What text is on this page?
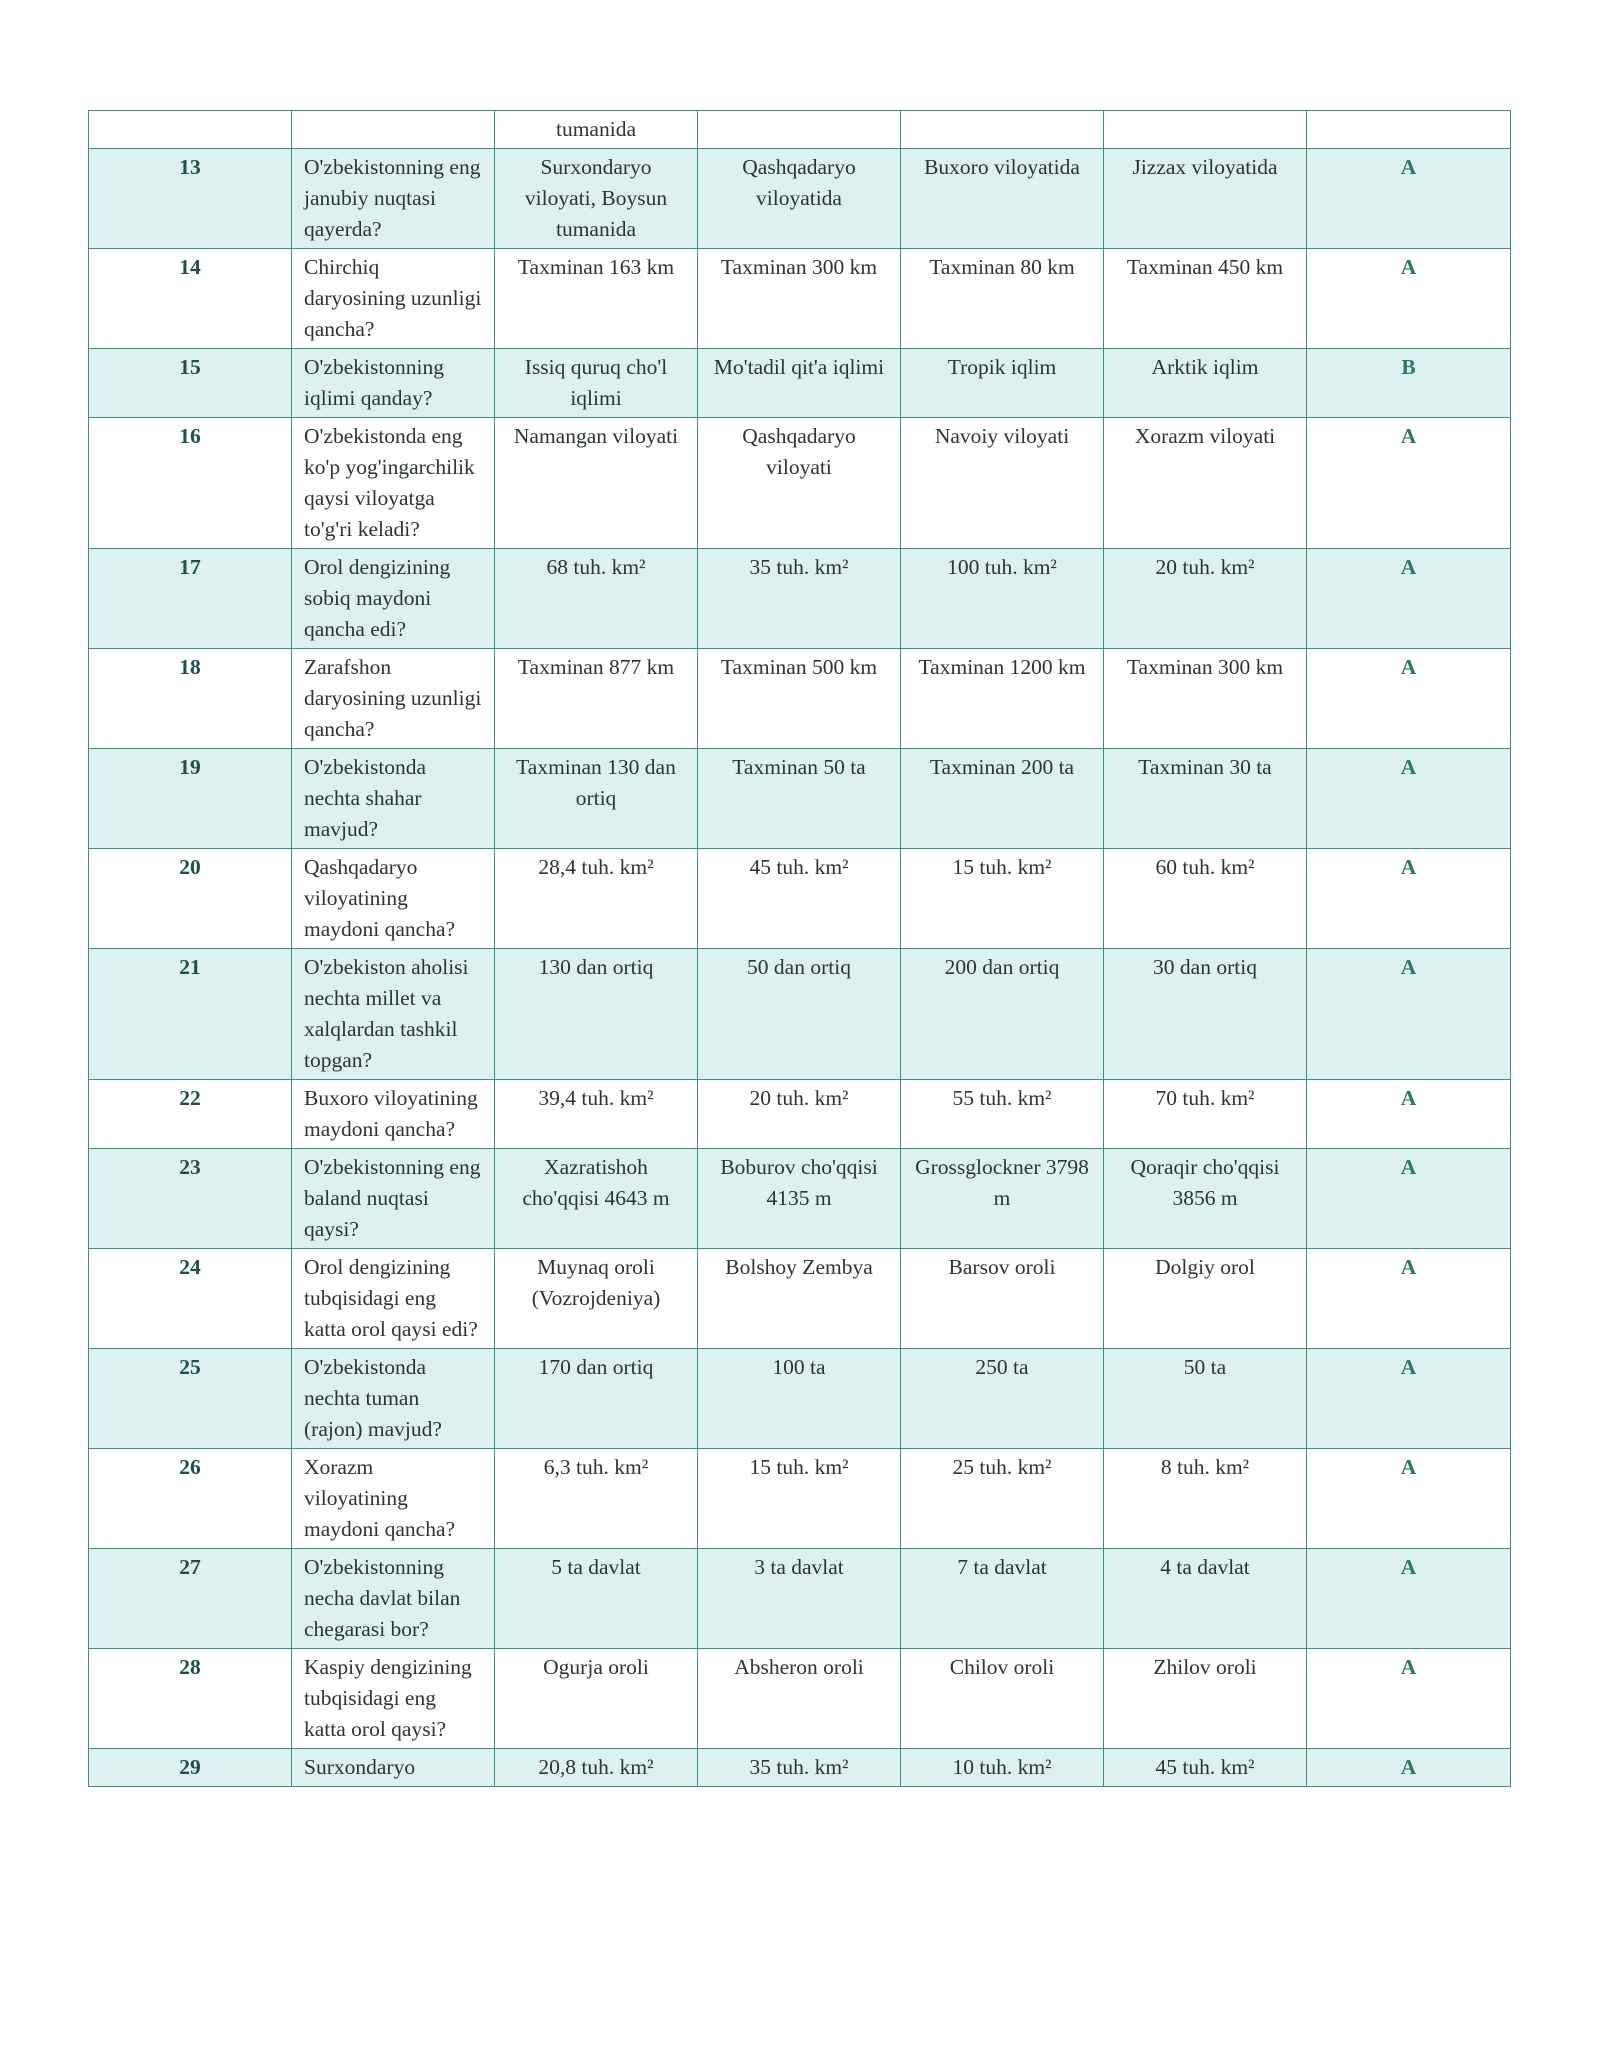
		tumanida				
13	O'zbekistonning eng janubiy nuqtasi qayerda?	Surxondaryo viloyati, Boysun tumanida	Qashqadaryo viloyatida	Buxoro viloyatida	Jizzax viloyatida	A
14	Chirchiq daryosining uzunligi qancha?	Taxminan 163 km	Taxminan 300 km	Taxminan 80 km	Taxminan 450 km	A
15	O'zbekistonning iqlimi qanday?	Issiq quruq cho'l iqlimi	Mo'tadil qit'a iqlimi	Tropik iqlim	Arktik iqlim	B
16	O'zbekistonda eng ko'p yog'ingarchilik qaysi viloyatga to'g'ri keladi?	Namangan viloyati	Qashqadaryo viloyati	Navoiy viloyati	Xorazm viloyati	A
17	Orol dengizining sobiq maydoni qancha edi?	68 tuh. km²	35 tuh. km²	100 tuh. km²	20 tuh. km²	A
18	Zarafshon daryosining uzunligi qancha?	Taxminan 877 km	Taxminan 500 km	Taxminan 1200 km	Taxminan 300 km	A
19	O'zbekistonda nechta shahar mavjud?	Taxminan 130 dan ortiq	Taxminan 50 ta	Taxminan 200 ta	Taxminan 30 ta	A
20	Qashqadaryo viloyatining maydoni qancha?	28,4 tuh. km²	45 tuh. km²	15 tuh. km²	60 tuh. km²	A
21	O'zbekiston aholisi nechta millet va xalqlardan tashkil topgan?	130 dan ortiq	50 dan ortiq	200 dan ortiq	30 dan ortiq	A
22	Buxoro viloyatining maydoni qancha?	39,4 tuh. km²	20 tuh. km²	55 tuh. km²	70 tuh. km²	A
23	O'zbekistonning eng baland nuqtasi qaysi?	Xazratishoh cho'qqisi 4643 m	Boburov cho'qqisi 4135 m	Grossglockner 3798 m	Qoraqir cho'qqisi 3856 m	A
24	Orol dengizining tubqisidagi eng katta orol qaysi edi?	Muynaq oroli (Vozrojdeniya)	Bolshoy Zembya	Barsov oroli	Dolgiy orol	A
25	O'zbekistonda nechta tuman (rajon) mavjud?	170 dan ortiq	100 ta	250 ta	50 ta	A
26	Xorazm viloyatining maydoni qancha?	6,3 tuh. km²	15 tuh. km²	25 tuh. km²	8 tuh. km²	A
27	O'zbekistonning necha davlat bilan chegarasi bor?	5 ta davlat	3 ta davlat	7 ta davlat	4 ta davlat	A
28	Kaspiy dengizining tubqisidagi eng katta orol qaysi?	Ogurja oroli	Absheron oroli	Chilov oroli	Zhilov oroli	A
29	Surxondaryo	20,8 tuh. km²	35 tuh. km²	10 tuh. km²	45 tuh. km²	A
